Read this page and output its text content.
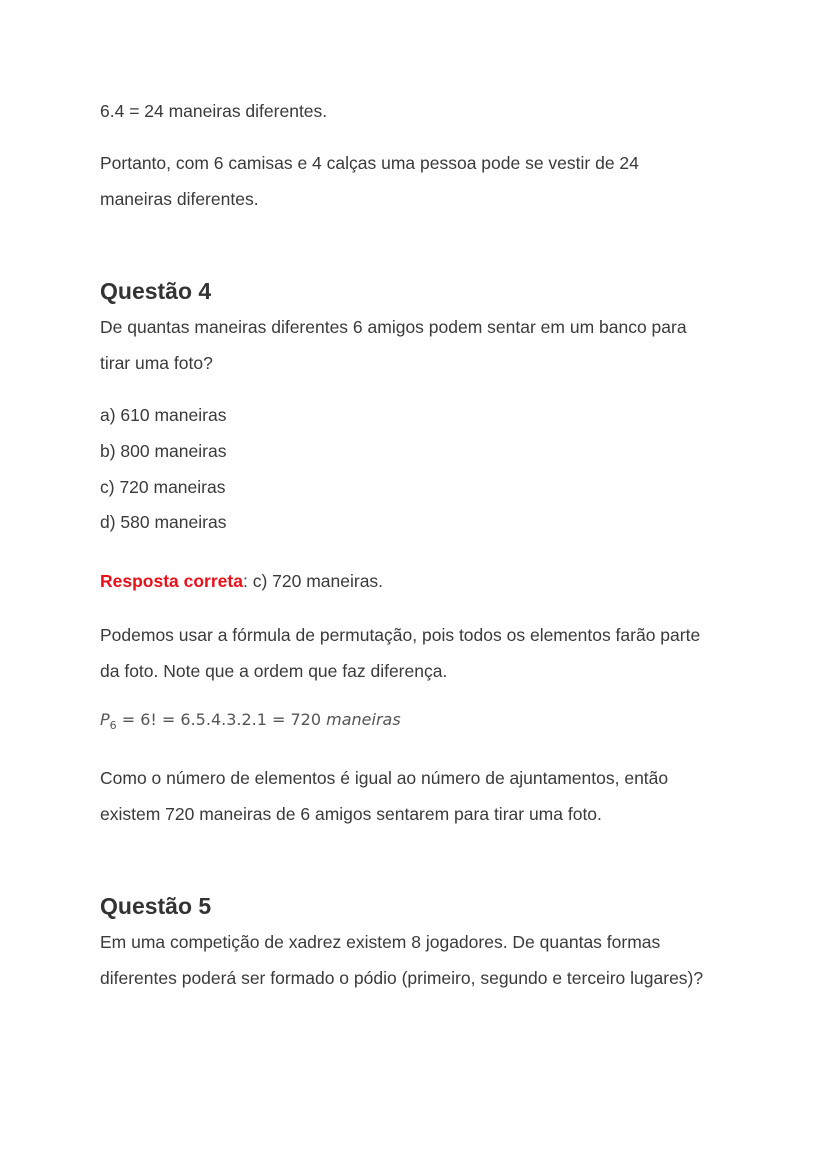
6.4 = 24 maneiras diferentes.
Portanto, com 6 camisas e 4 calças uma pessoa pode se vestir de 24
maneiras diferentes.
Questão 4
De quantas maneiras diferentes 6 amigos podem sentar em um banco para
tirar uma foto?
a) 610 maneiras
b) 800 maneiras
c) 720 maneiras
d) 580 maneiras
Resposta correta: c) 720 maneiras.
Podemos usar a fórmula de permutação, pois todos os elementos farão parte
da foto. Note que a ordem que faz diferença.
$P_6 = 6$! = 6.5.4.3.2.1 = 720 maneiras
Como o número de elementos é igual ao número de ajuntamentos, então
existem 720 maneiras de 6 amigos sentarem para tirar uma foto.
Questão 5
Em uma competição de xadrez existem 8 jogadores. De quantas formas
diferentes poderá ser formado o pódio (primeiro, segundo e terceiro lugares)?
